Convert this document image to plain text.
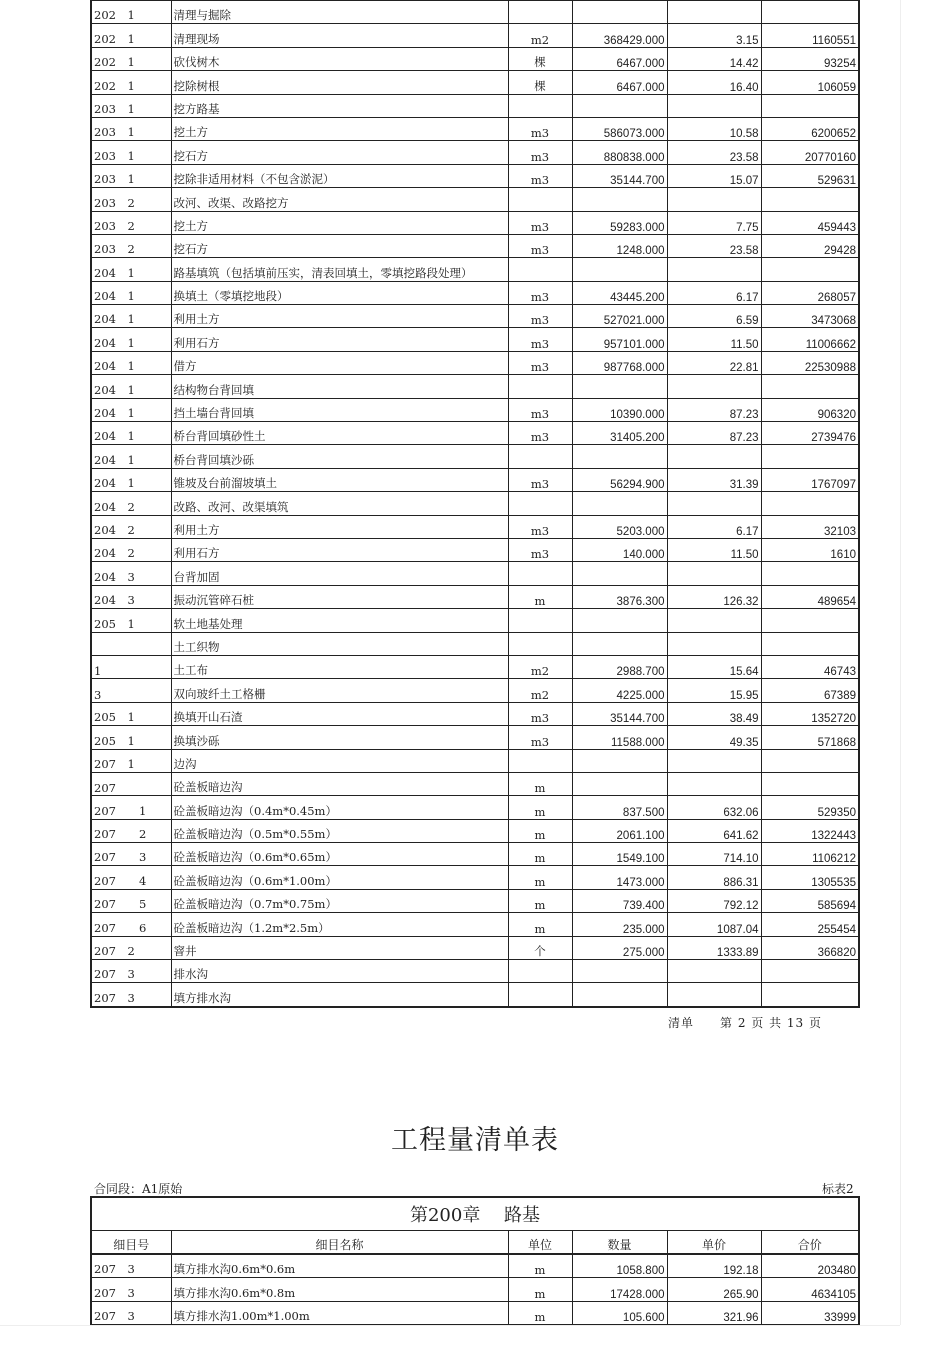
202　1	清理与掘除				
202　1	清理现场	m2	368429.000	3.15	1160551
202　1	砍伐树木	棵	6467.000	14.42	93254
202　1	挖除树根	棵	6467.000	16.40	106059
203　1	挖方路基				
203　1	挖土方	m3	586073.000	10.58	6200652
203　1	挖石方	m3	880838.000	23.58	20770160
203　1	挖除非适用材料（不包含淤泥）	m3	35144.700	15.07	529631
203　2	改河、改渠、改路挖方				
203　2	挖土方	m3	59283.000	7.75	459443
203　2	挖石方	m3	1248.000	23.58	29428
204　1	路基填筑（包括填前压实，清表回填土，零填挖路段处理）				
204　1	换填土（零填挖地段）	m3	43445.200	6.17	268057
204　1	利用土方	m3	527021.000	6.59	3473068
204　1	利用石方	m3	957101.000	11.50	11006662
204　1	借方	m3	987768.000	22.81	22530988
204　1	结构物台背回填				
204　1	挡土墙台背回填	m3	10390.000	87.23	906320
204　1	桥台背回填砂性土	m3	31405.200	87.23	2739476
204　1	桥台背回填沙砾				
204　1	锥坡及台前溜坡填土	m3	56294.900	31.39	1767097
204　2	改路、改河、改渠填筑				
204　2	利用土方	m3	5203.000	6.17	32103
204　2	利用石方	m3	140.000	11.50	1610
204　3	台背加固				
204　3	振动沉管碎石桩	m	3876.300	126.32	489654
205　1	软土地基处理				
	土工织物				
1	土工布	m2	2988.700	15.64	46743
3	双向玻纤土工格栅	m2	4225.000	15.95	67389
205　1	换填开山石渣	m3	35144.700	38.49	1352720
205　1	换填沙砾	m3	11588.000	49.35	571868
207　1	边沟				
207	砼盖板暗边沟	m			
207　　1	砼盖板暗边沟（0.4m*0.45m）	m	837.500	632.06	529350
207　　2	砼盖板暗边沟（0.5m*0.55m）	m	2061.100	641.62	1322443
207　　3	砼盖板暗边沟（0.6m*0.65m）	m	1549.100	714.10	1106212
207　　4	砼盖板暗边沟（0.6m*1.00m）	m	1473.000	886.31	1305535
207　　5	砼盖板暗边沟（0.7m*0.75m）	m	739.400	792.12	585694
207　　6	砼盖板暗边沟（1.2m*2.5m）	m	235.000	1087.04	255454
207　2	窨井	个	275.000	1333.89	366820
207　3	排水沟				
207　3	填方排水沟				
清单　　第 2 页 共 13 页
工程量清单表
合同段：A1原始	标表2
第200章　 路基					
细目号	细目名称	单位	数量	单价	合价
207　3	填方排水沟0.6m*0.6m	m	1058.800	192.18	203480
207　3	填方排水沟0.6m*0.8m	m	17428.000	265.90	4634105
207　3	填方排水沟1.00m*1.00m	m	105.600	321.96	33999
